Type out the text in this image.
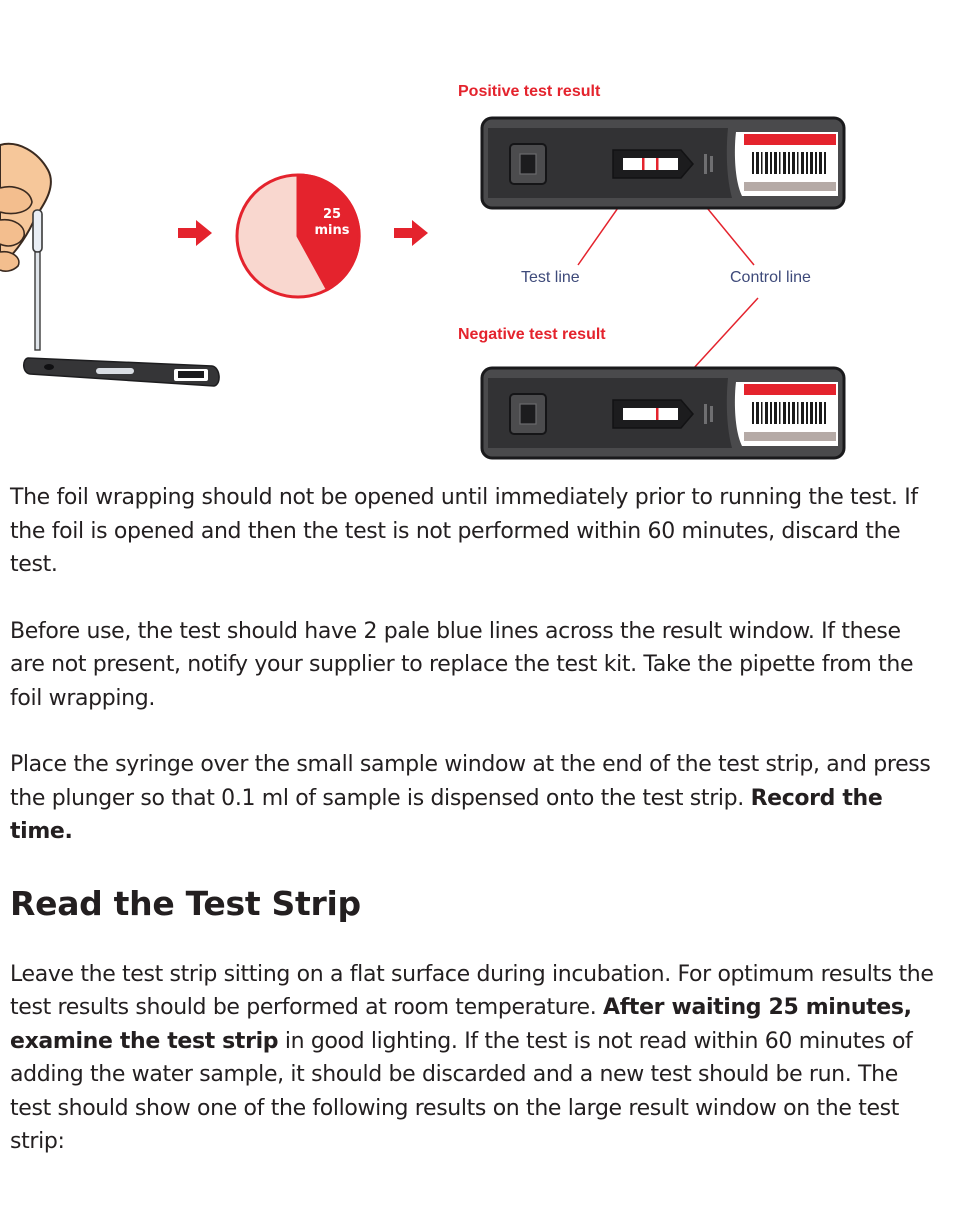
25
mins
Positive test result
Negative test result
Test line	Control line

The foil wrapping should not be opened until immediately prior to running the test. If the foil is opened and then the test is not performed within 60 minutes, discard the test.

Before use, the test should have 2 pale blue lines across the result window. If these are not present, notify your supplier to replace the test kit. Take the pipette from the foil wrapping.

Place the syringe over the small sample window at the end of the test strip, and press the plunger so that 0.1 ml of sample is dispensed onto the test strip. Record the time.

Read the Test Strip

Leave the test strip sitting on a flat surface during incubation. For optimum results the test results should be performed at room temperature. After waiting 25 minutes, examine the test strip in good lighting. If the test is not read within 60 minutes of adding the water sample, it should be discarded and a new test should be run. The test should show one of the following results on the large result window on the test strip:
